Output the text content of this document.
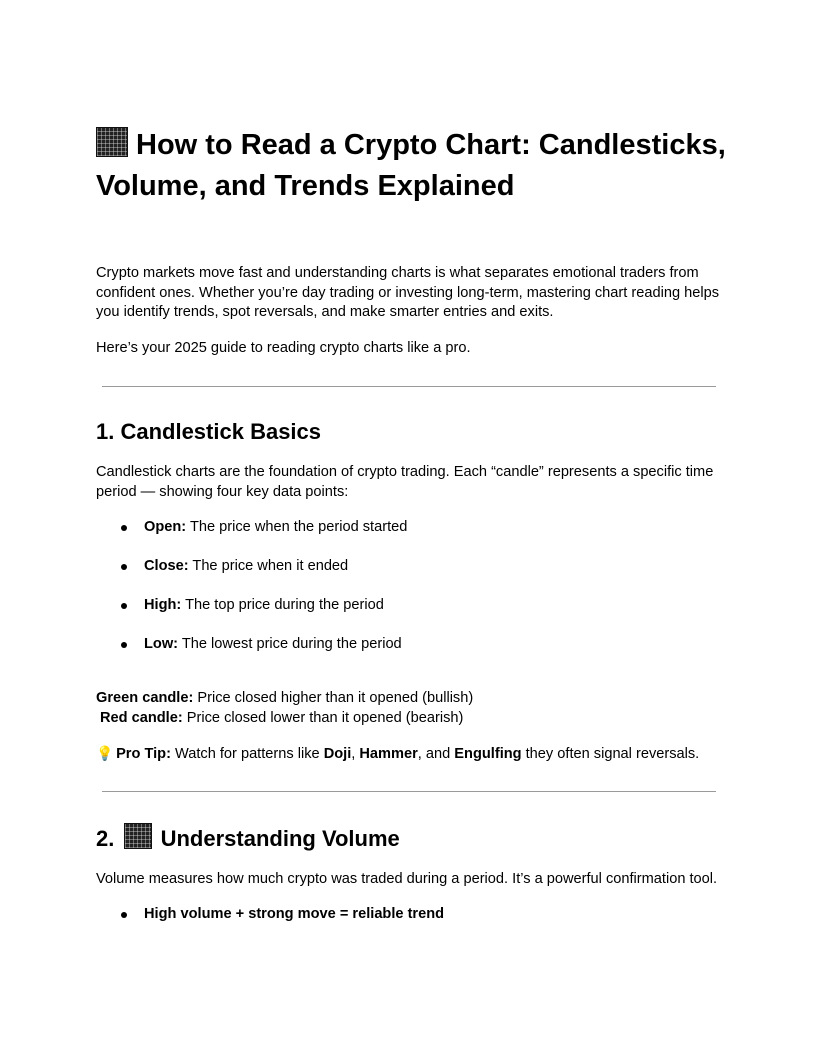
How to Read a Crypto Chart: Candlesticks, Volume, and Trends Explained

Crypto markets move fast and understanding charts is what separates emotional traders from confident ones. Whether you’re day trading or investing long-term, mastering chart reading helps you identify trends, spot reversals, and make smarter entries and exits.

Here’s your 2025 guide to reading crypto charts like a pro.

1. Candlestick Basics

Candlestick charts are the foundation of crypto trading. Each “candle” represents a specific time period — showing four key data points:

Open: The price when the period started
Close: The price when it ended
High: The top price during the period
Low: The lowest price during the period

Green candle: Price closed higher than it opened (bullish)

Red candle: Price closed lower than it opened (bearish)

💡 Pro Tip: Watch for patterns like Doji, Hammer, and Engulfing they often signal reversals.

2. Understanding Volume

Volume measures how much crypto was traded during a period. It’s a powerful confirmation tool.

High volume + strong move = reliable trend
